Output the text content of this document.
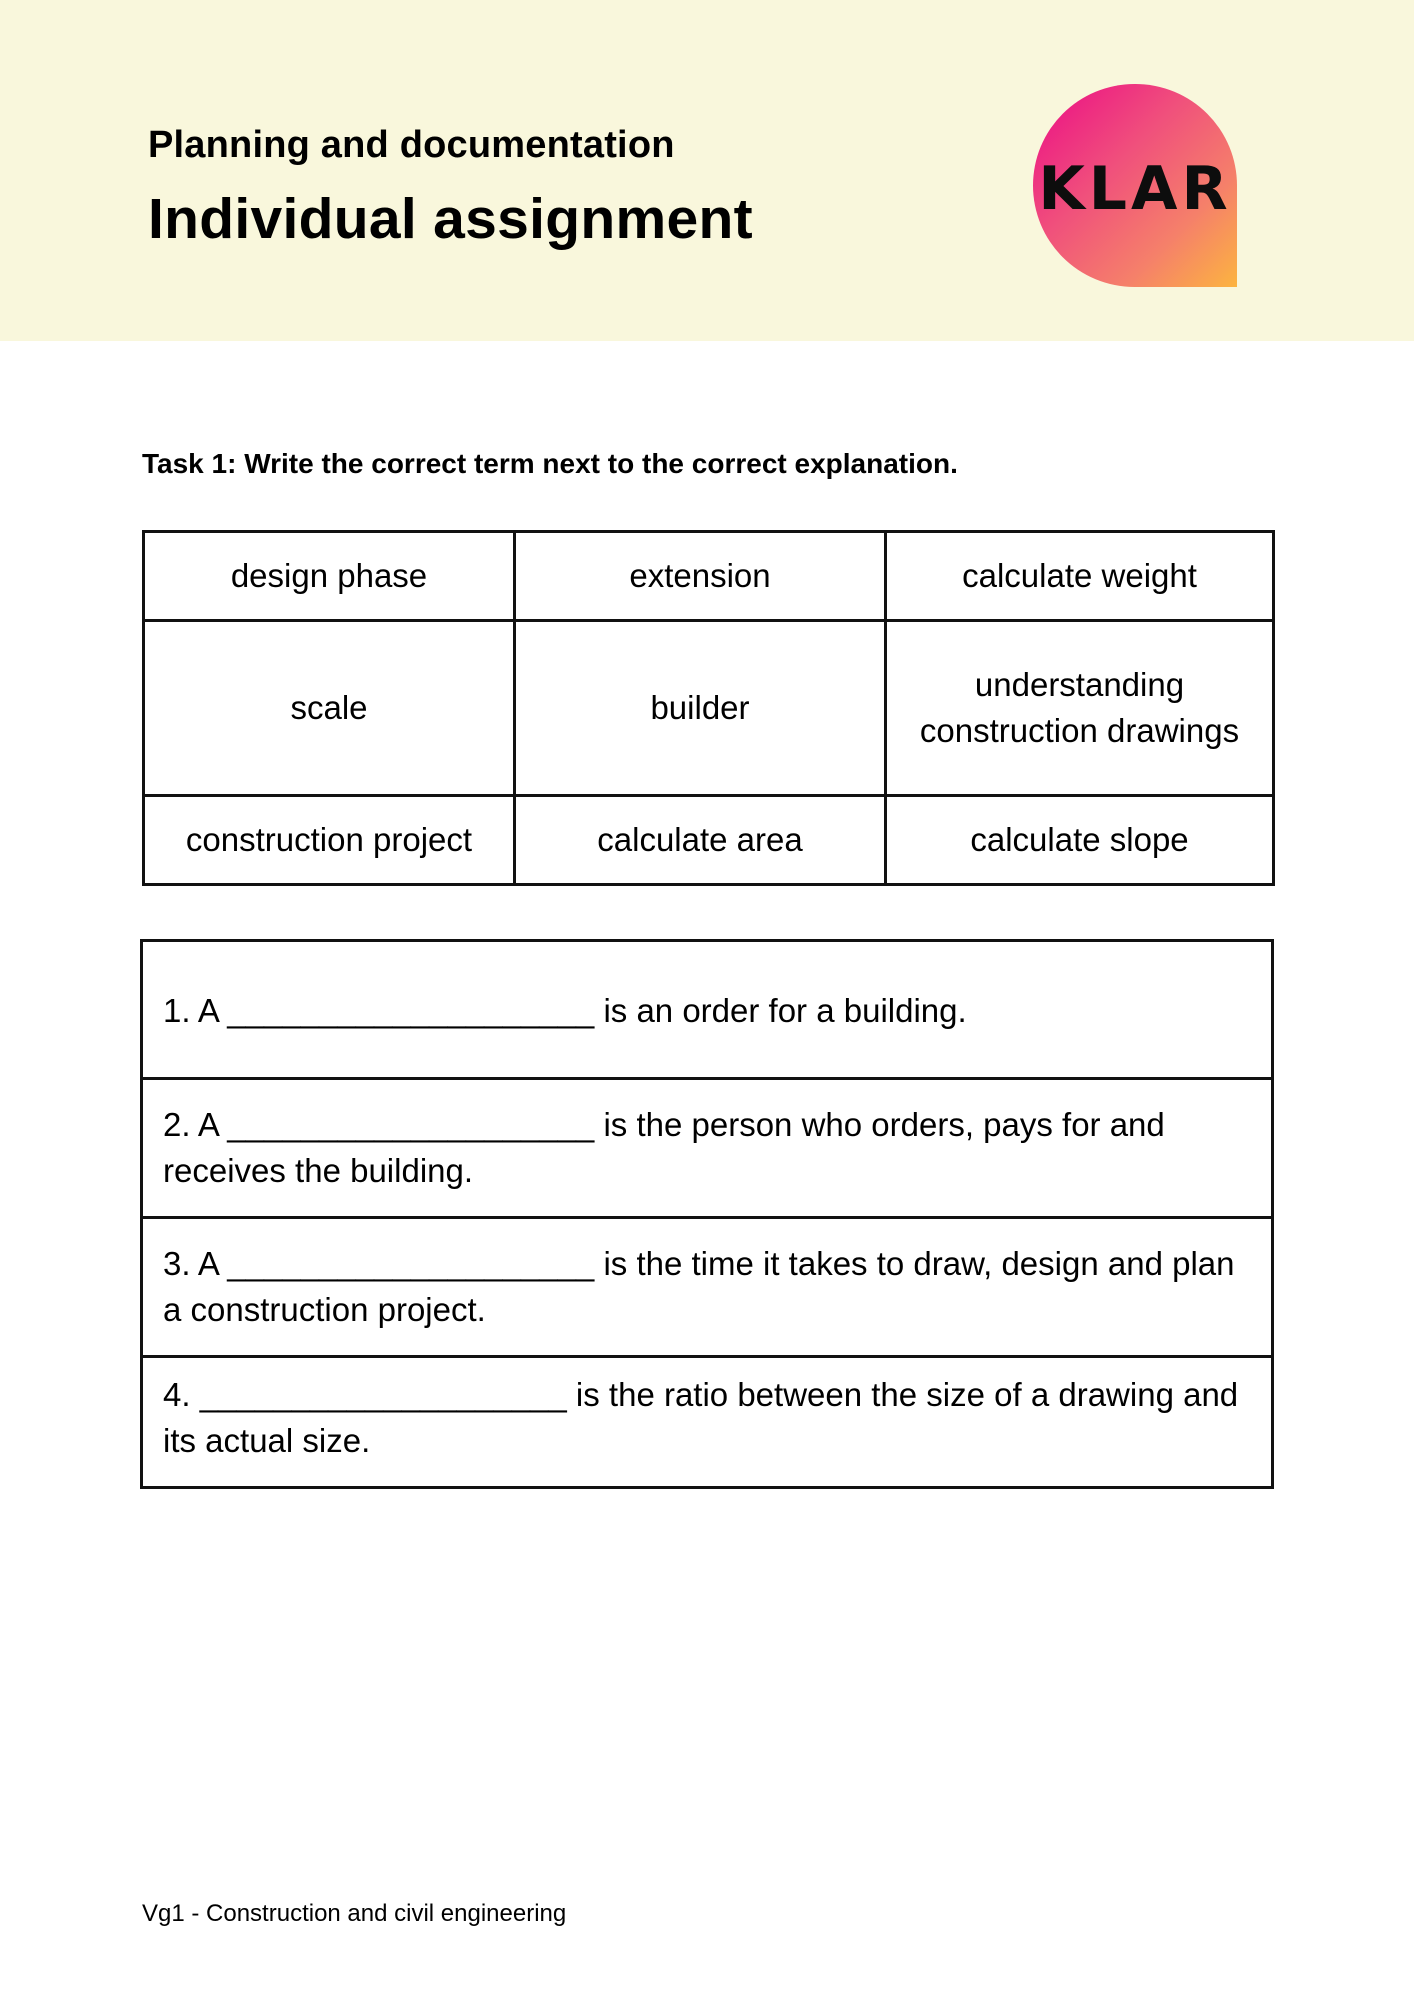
Planning and documentation
Individual assignment	KLAR
Task 1: Write the correct term next to the correct explanation.
design phase	extension	calculate weight
scale	builder	understanding construction drawings
construction project	calculate area	calculate slope
1. A ____________________ is an order for a building.
2. A ____________________ is the person who orders, pays for and receives the building.
3. A ____________________ is the time it takes to draw, design and plan a construction project.
4. ____________________ is the ratio between the size of a drawing and its actual size.
Vg1 - Construction and civil engineering
